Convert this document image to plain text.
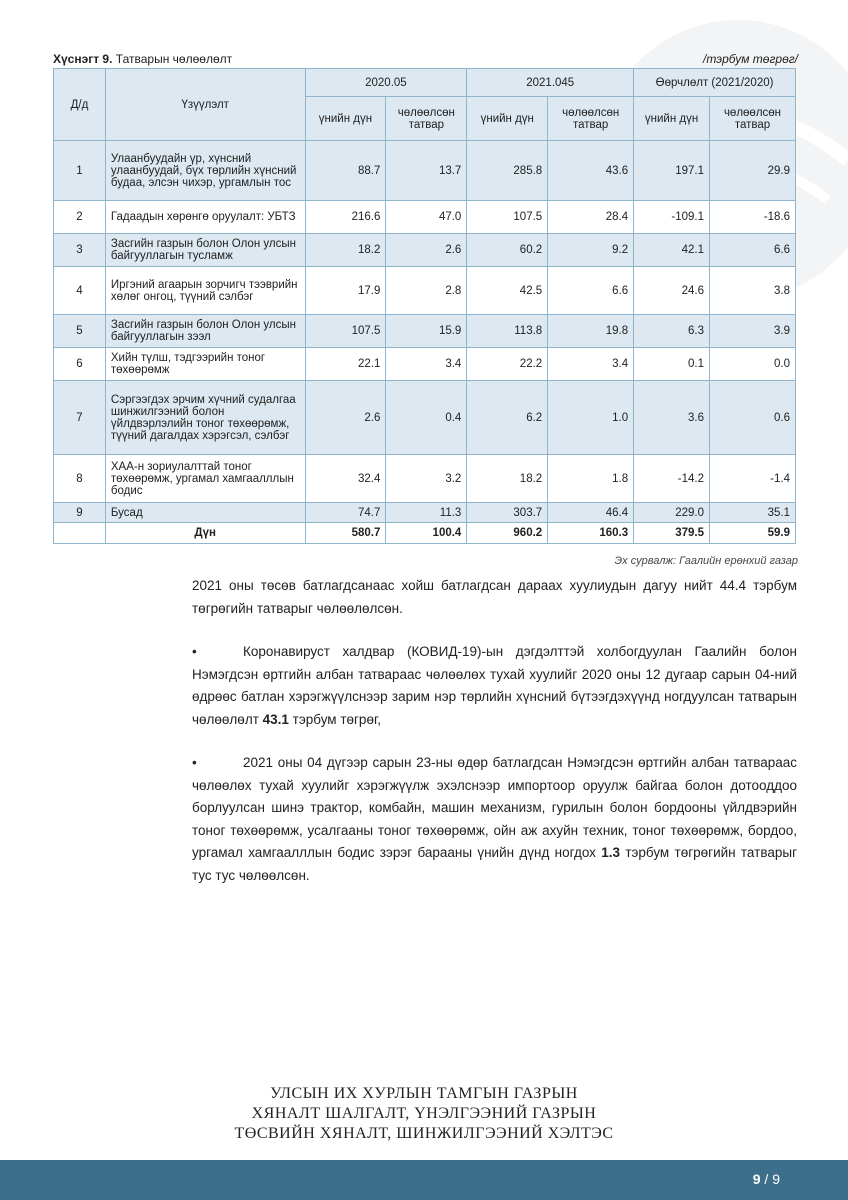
Хүснэгт 9. Татварын чөлөөлөлт	/тэрбум төгрөг/
Д/д	Үзүүлэлт	2020.05		2021.045		Өөрчлөлт (2021/2020)	
		үнийн дүн	чөлөөлсөн татвар	үнийн дүн	чөлөөлсөн татвар	үнийн дүн	чөлөөлсөн татвар
1	Улаанбуудайн үр, хүнсний улаанбуудай, бүх төрлийн хүнсний будаа, элсэн чихэр, ургамлын тос	88.7	13.7	285.8	43.6	197.1	29.9
2	Гадаадын хөрөнгө оруулалт: УБТЗ	216.6	47.0	107.5	28.4	-109.1	-18.6
3	Засгийн газрын болон Олон улсын байгууллагын тусламж	18.2	2.6	60.2	9.2	42.1	6.6
4	Иргэний агаарын зорчигч тээврийн хөлөг онгоц, түүний сэлбэг	17.9	2.8	42.5	6.6	24.6	3.8
5	Засгийн газрын болон Олон улсын байгууллагын зээл	107.5	15.9	113.8	19.8	6.3	3.9
6	Хийн түлш, тэдгээрийн тоног төхөөрөмж	22.1	3.4	22.2	3.4	0.1	0.0
7	Сэргээгдэх эрчим хүчний судалгаа шинжилгээний болон үйлдвэрлэлийн тоног төхөөрөмж, түүний дагалдах хэрэгсэл, сэлбэг	2.6	0.4	6.2	1.0	3.6	0.6
8	ХАА-н зориулалттай тоног төхөөрөмж, ургамал хамгаалллын бодис	32.4	3.2	18.2	1.8	-14.2	-1.4
9	Бусад	74.7	11.3	303.7	46.4	229.0	35.1
	Дүн	580.7	100.4	960.2	160.3	379.5	59.9
Эх сурвалж: Гаалийн ерөнхий газар
2021 оны төсөв батлагдсанаас хойш батлагдсан дараах хуулиудын дагуу нийт 44.4 тэрбум төгрөгийн татварыг чөлөөлөлсөн.
•	Коронавируст халдвар (КОВИД-19)-ын дэгдэлттэй холбогдуулан Гаалийн болон Нэмэгдсэн өртгийн албан татвараас чөлөөлөх тухай хуулийг 2020 оны 12 дугаар сарын 04-ний өдрөөс батлан хэрэгжүүлснээр зарим нэр төрлийн хүнсний бүтээгдэхүүнд ногдуулсан татварын чөлөөлөлт 43.1 тэрбум төгрөг,
•	2021 оны 04 дүгээр сарын 23-ны өдөр батлагдсан Нэмэгдсэн өртгийн албан татвараас чөлөөлөх тухай хуулийг хэрэгжүүлж эхэлснээр импортоор оруулж байгаа болон дотооддоо борлуулсан шинэ трактор, комбайн, машин механизм, гурилын болон бордооны үйлдвэрийн тоног төхөөрөмж, усалгааны тоног төхөөрөмж, ойн аж ахуйн техник, тоног төхөөрөмж, бордоо, ургамал хамгаалллын бодис зэрэг барааны үнийн дүнд ногдох 1.3 тэрбум төгрөгийн татварыг тус тус чөлөөлсөн.
УЛСЫН ИХ ХУРЛЫН ТАМГЫН ГАЗРЫН
ХЯНАЛТ ШАЛГАЛТ, ҮНЭЛГЭЭНИЙ ГАЗРЫН
ТӨСВИЙН ХЯНАЛТ, ШИНЖИЛГЭЭНИЙ ХЭЛТЭС
9 / 9
